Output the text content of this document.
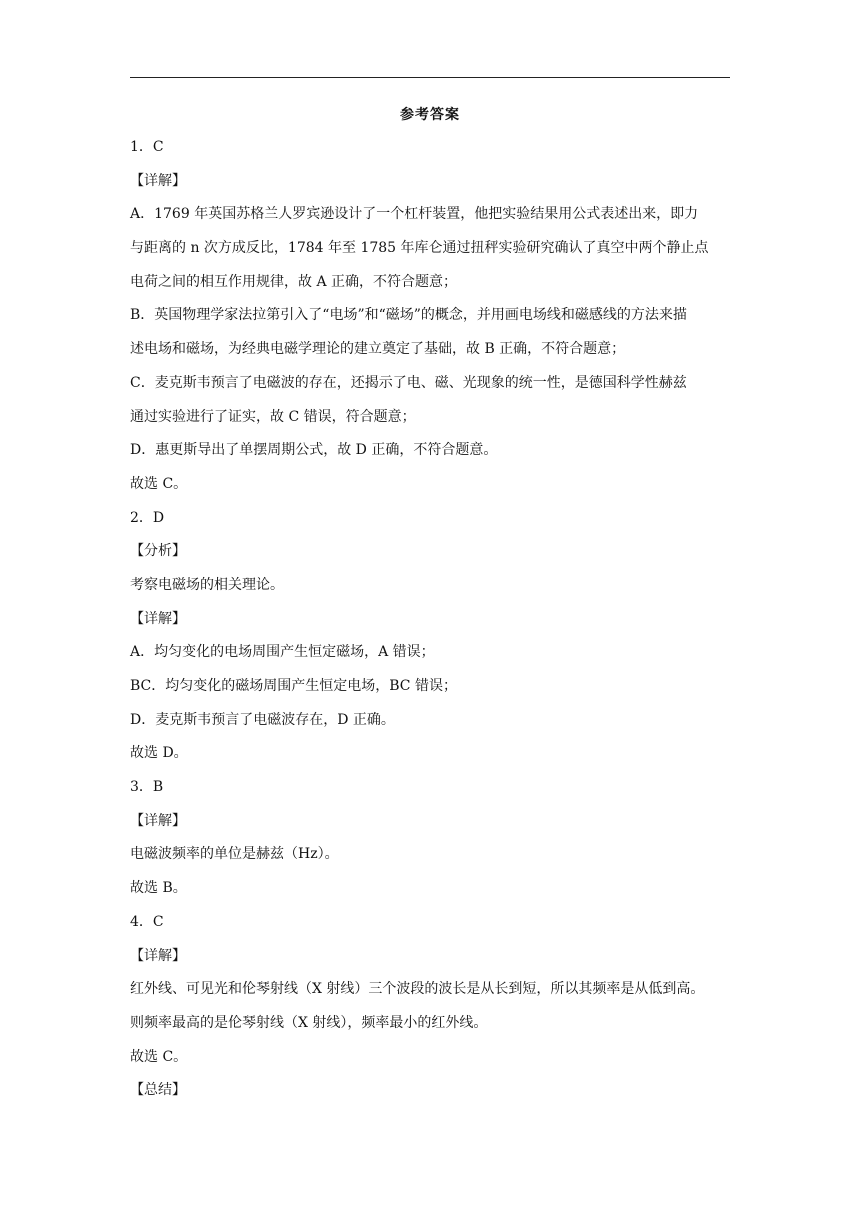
参考答案
1．C
【详解】
A．1769 年英国苏格兰人罗宾逊设计了一个杠杆装置，他把实验结果用公式表述出来，即力
与距离的 n 次方成反比，1784 年至 1785 年库仑通过扭秤实验研究确认了真空中两个静止点
电荷之间的相互作用规律，故 A 正确，不符合题意；
B．英国物理学家法拉第引入了“电场”和“磁场”的概念，并用画电场线和磁感线的方法来描
述电场和磁场，为经典电磁学理论的建立奠定了基础，故 B 正确，不符合题意；
C．麦克斯韦预言了电磁波的存在，还揭示了电、磁、光现象的统一性，是德国科学性赫兹
通过实验进行了证实，故 C 错误，符合题意；
D．惠更斯导出了单摆周期公式，故 D 正确，不符合题意。
故选 C。
2．D
【分析】
考察电磁场的相关理论。
【详解】
A．均匀变化的电场周围产生恒定磁场，A 错误；
BC．均匀变化的磁场周围产生恒定电场，BC 错误；
D．麦克斯韦预言了电磁波存在，D 正确。
故选 D。
3．B
【详解】
电磁波频率的单位是赫兹（Hz）。
故选 B。
4．C
【详解】
红外线、可见光和伦琴射线（X 射线）三个波段的波长是从长到短，所以其频率是从低到高。
则频率最高的是伦琴射线（X 射线），频率最小的红外线。
故选 C。
【总结】
